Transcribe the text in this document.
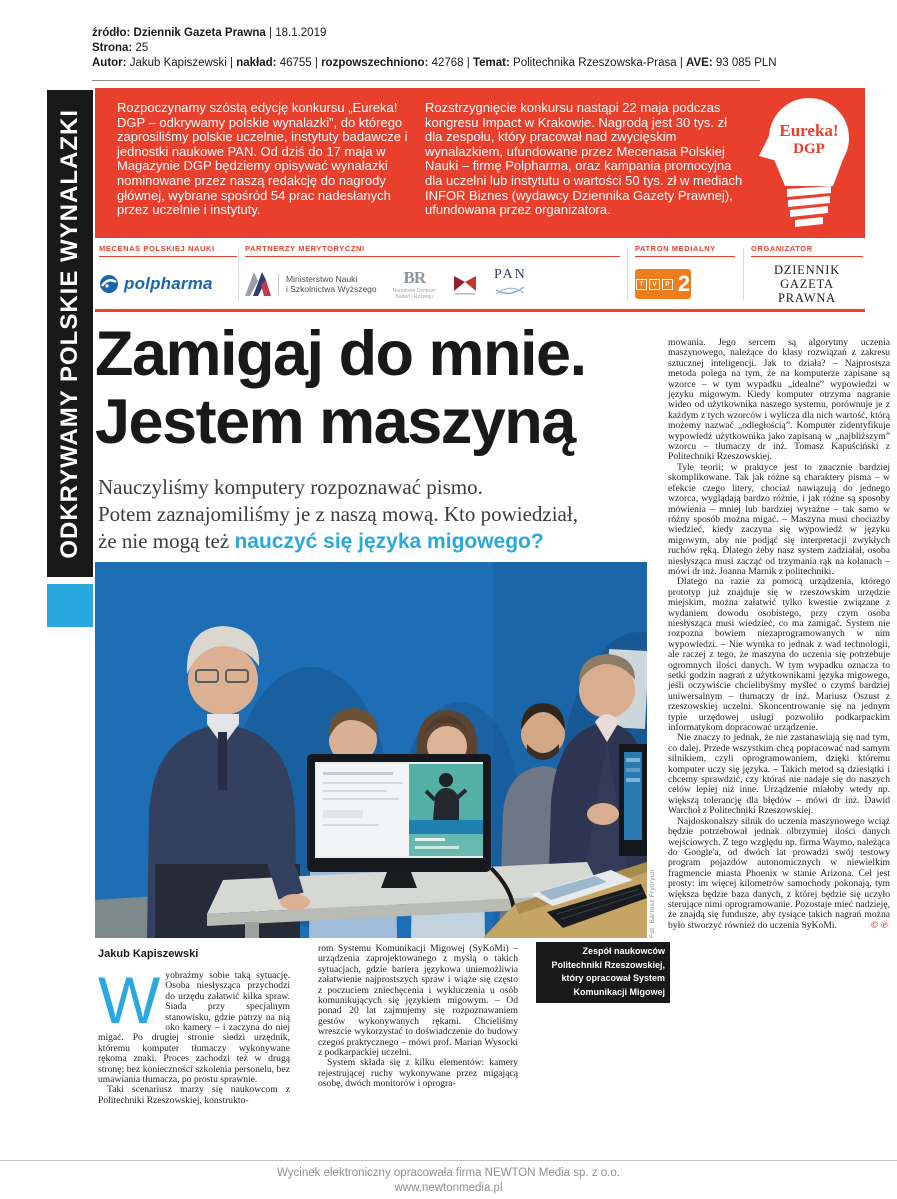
źródło: Dziennik Gazeta Prawna | 18.1.2019
Strona: 25
Autor: Jakub Kapiszewski | nakład: 46755 | rozpowszechniono: 42768 | Temat: Politechnika Rzeszowska-Prasa | AVE: 93 085 PLN
ODKRYWAMY POLSKIE WYNALAZKI
Rozpoczynamy szóstą edycję konkursu „Eureka! DGP – odkrywamy polskie wynalazki”, do którego zaprosiliśmy polskie uczelnie, instytuty badawcze i jednostki naukowe PAN. Od dziś do 17 maja w Magazynie DGP będziemy opisywać wynalazki nominowane przez naszą redakcję do nagrody głównej, wybrane spośród 54 prac nadesłanych przez uczelnie i instytuty.
Rozstrzygnięcie konkursu nastąpi 22 maja podczas kongresu Impact w Krakowie. Nagrodą jest 30 tys. zł dla zespołu, który pracował nad zwycięskim wynalazkiem, ufundowane przez Mecenasa Polskiej Nauki – firmę Polpharma, oraz kampania promocyjna dla uczelni lub instytutu o wartości 50 tys. zł w mediach INFOR Biznes (wydawcy Dziennika Gazety Prawnej), ufundowana przez organizatora.
Eureka!
DGP
MECENAS POLSKIEJ NAUKI
polpharma
PARTNERZY MERYTORYCZNI
Ministerstwo Nauki
i Szkolnictwa Wyższego
BR
Narodowe Centrum
Badań i Rozwoju
PAN
PATRON MEDIALNY
T	V	P 2
ORGANIZATOR
DZIENNIK
GAZETA PRAWNA
Zamigaj do mnie.
Jestem maszyną
Nauczyliśmy komputery rozpoznawać pismo.
Potem zaznajomiliśmy je z naszą mową. Kto powiedział,
że nie mogą też nauczyć się języka migowego?
Fot. Bartosz Frydrych
Zespół naukowców Politechniki Rzeszowskiej, który opracował System Komunikacji Migowej
Jakub Kapiszewski

Wyobraźmy sobie taką sytuację. Osoba niesłysząca przychodzi do urzędu załatwić kilka spraw. Siada przy specjalnym stanowisku, gdzie patrzy na nią oko kamery – i zaczyna do niej migać. Po drugiej stronie siedzi urzędnik, któremu komputer tłumaczy wykonywane rękoma znaki. Proces zachodzi też w drugą stronę; bez konieczności szkolenia personelu, bez umawiania tłumacza, po prostu sprawnie.

Taki scenariusz marzy się naukowcom z Politechniki Rzeszowskiej, konstrukto-

rom Systemu Komunikacji Migowej (SyKoMi) – urządzenia zaprojektowanego z myślą o takich sytuacjach, gdzie bariera językowa uniemożliwia załatwienie najprostszych spraw i wiąże się często z poczuciem zniechęcenia i wykluczenia u osób komunikujących się językiem migowym. – Od ponad 20 lat zajmujemy się rozpoznawaniem gestów wykonywanych rękami. Chcieliśmy wreszcie wykorzystać to doświadczenie do budowy czegoś praktycznego – mówi prof. Marian Wysocki z podkarpackiej uczelni.

System składa się z kilku elementów: kamery rejestrującej ruchy wykonywane przez migającą osobę, dwóch monitorów i oprogra-

mowania. Jego sercem są algorytmy uczenia maszynowego, należące do klasy rozwiązań z zakresu sztucznej inteligencji. Jak to działa? – Najprostsza metoda polega na tym, że na komputerze zapisane są wzorce – w tym wypadku „idealne” wypowiedzi w języku migowym. Kiedy komputer otrzyma nagranie wideo od użytkownika naszego systemu, porównuje je z każdym z tych wzorców i wylicza dla nich wartość, którą możemy nazwać „odległością”. Komputer zidentyfikuje wypowiedź użytkownika jako zapisaną w „najbliższym” wzorcu – tłumaczy dr inż. Tomasz Kapuściński z Politechniki Rzeszowskiej.

Tyle teorii; w praktyce jest to znacznie bardziej skomplikowane. Tak jak różne są charaktery pisma – w efekcie czego litery, chociaż nawiązują do jednego wzorca, wyglądają bardzo różnie, i jak różne są sposoby mówienia – mniej lub bardziej wyraźne – tak samo w różny sposób można migać. – Maszyna musi chociażby wiedzieć, kiedy zaczyna się wypowiedź w języku migowym, aby nie podjąć się interpretacji zwykłych ruchów ręką. Dlatego żeby nasz system zadziałał, osoba niesłysząca musi zacząć od trzymania rąk na kolanach – mówi dr inż. Joanna Marnik z politechniki.

Dlatego na razie za pomocą urządzenia, którego prototyp już znajduje się w rzeszowskim urzędzie miejskim, można załatwić tylko kwestie związane z wydaniem dowodu osobistego, przy czym osoba niesłysząca musi wiedzieć, co ma zamigać. System nie rozpozna bowiem niezaprogramowanych w nim wypowiedzi. – Nie wynika to jednak z wad technologii, ale raczej z tego, że maszyna do uczenia się potrzebuje ogromnych ilości danych. W tym wypadku oznacza to setki godzin nagrań z użytkownikami języka migowego, jeśli oczywiście chcielibyśmy myśleć o czymś bardziej uniwersalnym – tłumaczy dr inż. Mariusz Oszust z rzeszowskiej uczelni. Skoncentrowanie się na jednym typie urzędowej usługi pozwoliło podkarpackim informatykom dopracować urządzenie.

Nie znaczy to jednak, że nie zastanawiają się nad tym, co dalej. Przede wszystkim chcą popracować nad samym silnikiem, czyli oprogramowaniem, dzięki któremu komputer uczy się języka. – Takich metod są dziesiątki i chcemy sprawdzić, czy któraś nie nadaje się do naszych celów lepiej niż inne. Urządzenie miałoby wtedy np. większą tolerancję dla błędów – mówi dr inż. Dawid Warchoł z Politechniki Rzeszowskiej.

Najdoskonalszy silnik do uczenia maszynowego wciąż będzie potrzebował jednak olbrzymiej ilości danych wejściowych. Z tego względu np. firma Waymo, należąca do Google'a, od dwóch lat prowadzi swój testowy program pojazdów autonomicznych w niewielkim fragmencie miasta Phoenix w stanie Arizona. Cel jest prosty: im więcej kilometrów samochody pokonają, tym większa będzie baza danych, z której będzie się uczyło sterujące nimi oprogramowanie. Pozostaje mieć nadzieję, że znajdą się fundusze, aby tysiące takich nagrań można było stworzyć również do uczenia SyKoMi.	©℗

Wycinek elektroniczny opracowała firma NEWTON Media sp. z o.o.
www.newtonmedia.pl
